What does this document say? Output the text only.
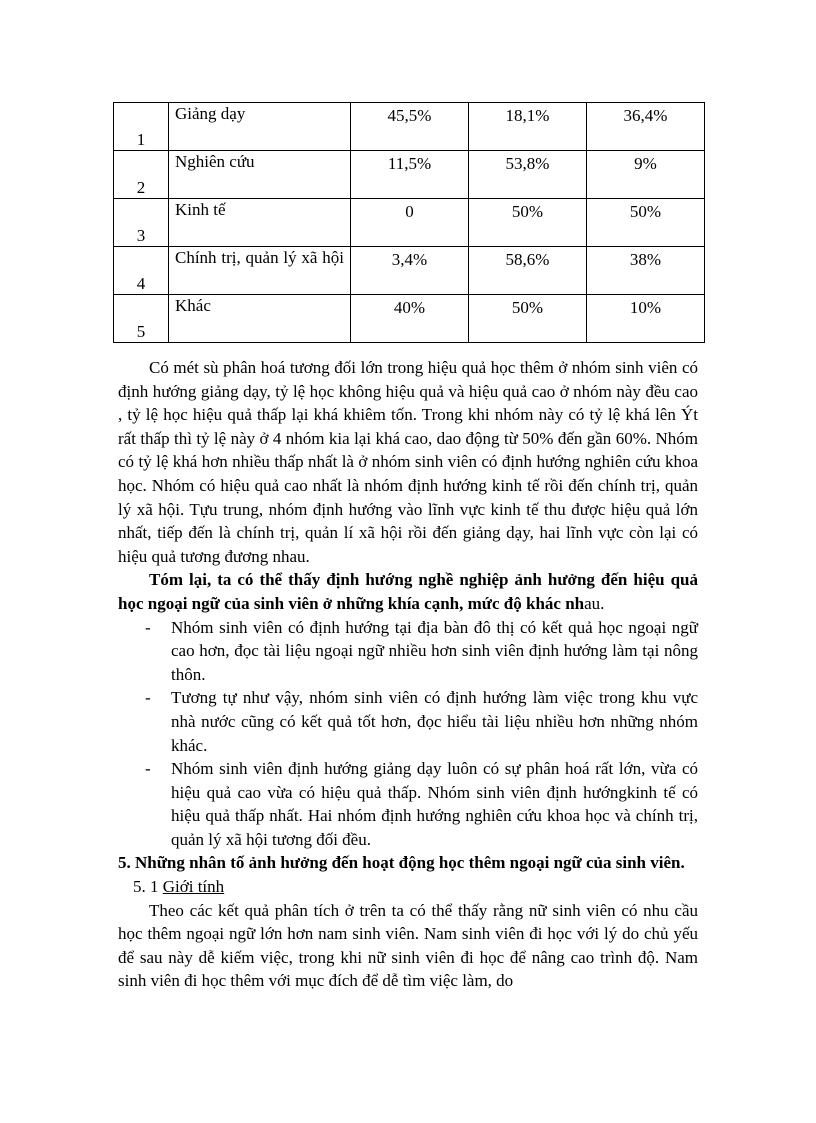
1	Giảng dạy	45,5%	18,1%	36,4%
2	Nghiên cứu	11,5%	53,8%	9%
3	Kinh tế	0	50%	50%
4	Chính trị, quản lý xã hội	3,4%	58,6%	38%
5	Khác	40%	50%	10%

Có mét sù phân hoá tương đối lớn trong hiệu quả học thêm ở nhóm sinh viên có định hướng giảng dạy, tỷ lệ học không hiệu quả và hiệu quả cao ở nhóm này đều cao , tỷ lệ học hiệu quả thấp lại khá khiêm tốn. Trong khi nhóm này có tỷ lệ khá lên Ýt rất thấp thì tỷ lệ này ở 4 nhóm kia lại khá cao, dao động từ 50% đến gần 60%. Nhóm có tỷ lệ khá hơn nhiều thấp nhất là ở nhóm sinh viên có định hướng nghiên cứu khoa học. Nhóm có hiệu quả cao nhất là nhóm định hướng kinh tế rồi đến chính trị, quản lý xã hội. Tựu trung, nhóm định hướng vào lĩnh vực kinh tế thu được hiệu quả lớn nhất, tiếp đến là chính trị, quản lí xã hội rồi đến giảng dạy, hai lĩnh vực còn lại có hiệu quả tương đương nhau.

Tóm lại, ta có thể thấy định hướng nghề nghiệp ảnh hưởng đến hiệu quả học ngoại ngữ của sinh viên ở những khía cạnh, mức độ khác nhau.

- Nhóm sinh viên có định hướng tại địa bàn đô thị có kết quả học ngoại ngữ cao hơn, đọc tài liệu ngoại ngữ nhiều hơn sinh viên định hướng làm tại nông thôn.
- Tương tự như vậy, nhóm sinh viên có định hướng làm việc trong khu vực nhà nước cũng có kết quả tốt hơn, đọc hiểu tài liệu nhiều hơn những nhóm khác.
- Nhóm sinh viên định hướng giảng dạy luôn có sự phân hoá rất lớn, vừa có hiệu quả cao vừa có hiệu quả thấp. Nhóm sinh viên định hướngkinh tế có hiệu quả thấp nhất. Hai nhóm định hướng nghiên cứu khoa học và chính trị, quản lý xã hội tương đối đều.

5. Những nhân tố ảnh hưởng đến hoạt động học thêm ngoại ngữ của sinh viên.

5. 1 Giới tính

Theo các kết quả phân tích ở trên ta có thể thấy rằng nữ sinh viên có nhu cầu học thêm ngoại ngữ lớn hơn nam sinh viên. Nam sinh viên đi học với lý do chủ yếu để sau này dễ kiếm việc, trong khi nữ sinh viên đi học để nâng cao trình độ. Nam sinh viên đi học thêm với mục đích để dễ tìm việc làm, do
